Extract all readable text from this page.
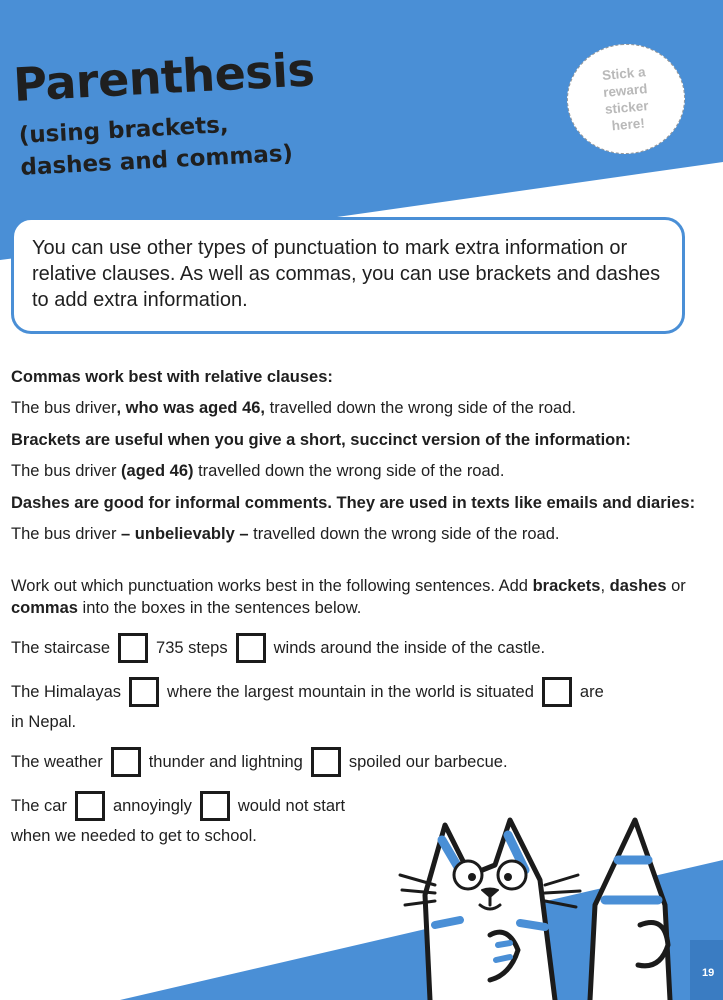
Parenthesis
(using brackets,
dashes and commas)
Stick a reward sticker here!
You can use other types of punctuation to mark extra information or relative clauses. As well as commas, you can use brackets and dashes to add extra information.

Commas work best with relative clauses:

The bus driver, who was aged 46, travelled down the wrong side of the road.

Brackets are useful when you give a short, succinct version of the information:

The bus driver (aged 46) travelled down the wrong side of the road.

Dashes are good for informal comments. They are used in texts like emails and diaries:

The bus driver – unbelievably – travelled down the wrong side of the road.

Work out which punctuation works best in the following sentences. Add brackets, dashes or commas into the boxes in the sentences below.

The staircase	735 steps	winds around the inside of the castle.
The Himalayas	where the largest mountain in the world is situated	are
in Nepal.
The weather	thunder and lightning	spoiled our barbecue.
The car	annoyingly	would not start
when we needed to get to school.
19
